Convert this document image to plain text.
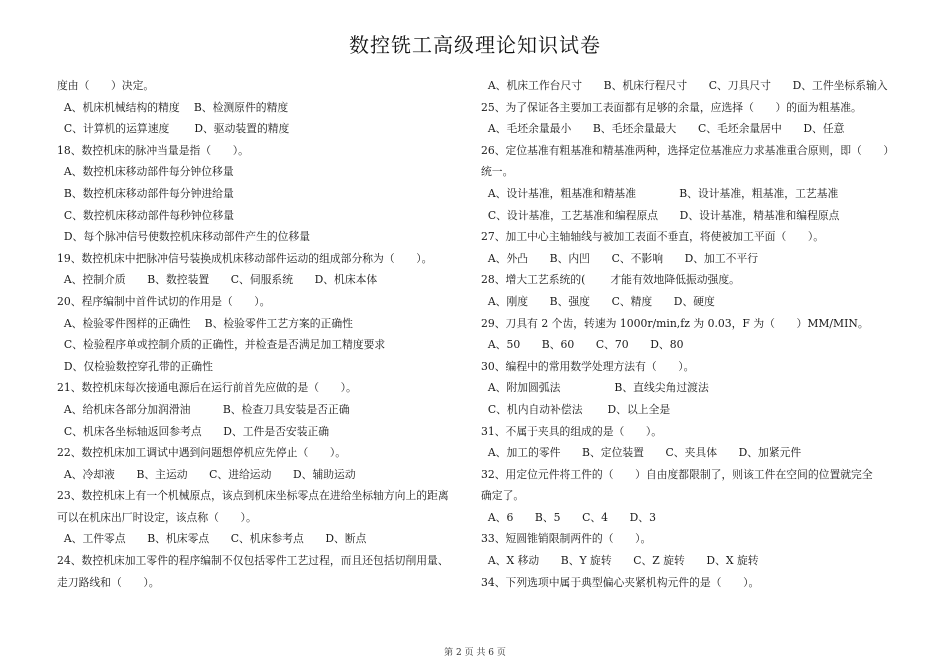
数控铣工高级理论知识试卷
度由（　　）决定。
A、机床机械结构的精度　 B、检测原件的精度
C、计算机的运算速度　　 D、驱动装置的精度
18、数控机床的脉冲当量是指（　　）。
A、数控机床移动部件每分钟位移量
B、数控机床移动部件每分钟进给量
C、数控机床移动部件每秒钟位移量
D、每个脉冲信号使数控机床移动部件产生的位移量
19、数控机床中把脉冲信号装换成机床移动部件运动的组成部分称为（　　）。
A、控制介质　　B、数控装置　　C、伺服系统　　D、机床本体
20、程序编制中首件试切的作用是（　　）。
A、检验零件图样的正确性　 B、检验零件工艺方案的正确性
C、检验程序单或控制介质的正确性，并检查是否满足加工精度要求
D、仅检验数控穿孔带的正确性
21、数控机床每次接通电源后在运行前首先应做的是（　　）。
A、给机床各部分加润滑油　　　B、检查刀具安装是否正确
C、机床各坐标轴返回参考点　　D、工件是否安装正确
22、数控机床加工调试中遇到问题想停机应先停止（　　）。
A、冷却液　　B、主运动　　C、进给运动　　D、辅助运动
23、数控机床上有一个机械原点，该点到机床坐标零点在进给坐标轴方向上的距离
可以在机床出厂时设定，该点称（　　）。
A、工件零点　　B、机床零点　　C、机床参考点　　D、断点
24、数控机床加工零件的程序编制不仅包括零件工艺过程，而且还包括切削用量、
走刀路线和（　　）。
A、机床工作台尺寸　　B、机床行程尺寸　　C、刀具尺寸　　D、工件坐标系输入
25、为了保证各主要加工表面都有足够的余量，应选择（　　）的面为粗基准。
A、毛坯余量最小　　B、毛坯余量最大　　C、毛坯余量居中　　D、任意
26、定位基准有粗基准和精基准两种，选择定位基准应力求基准重合原则，即（　　）
统一。
A、设计基准，粗基准和精基准　　　　B、设计基准，粗基准，工艺基准
C、设计基准，工艺基准和编程原点　　D、设计基准，精基准和编程原点
27、加工中心主轴轴线与被加工表面不垂直，将使被加工平面（　　）。
A、外凸　　B、内凹　　C、不影响　　D、加工不平行
28、增大工艺系统的(　　 才能有效地降低振动强度。
A、刚度　　B、强度　　C、精度　　D、硬度
29、刀具有 2 个齿，转速为 1000r/min,fz 为 0.03，F 为（　　）MM/MIN。
A、50　　B、60　　C、70　　D、80
30、编程中的常用数学处理方法有（　　）。
A、附加圆弧法　　　　　B、直线尖角过渡法
C、机内自动补偿法　　 D、以上全是
31、不属于夹具的组成的是（　　）。
A、加工的零件　　B、定位装置　　C、夹具体　　D、加紧元件
32、用定位元件将工件的（　　）自由度都限制了，则该工件在空间的位置就完全
确定了。
A、6　　B、5　　C、4　　D、3
33、短圆锥销限制两件的（　　）。
A、X 移动　　B、Y 旋转　　C、Z 旋转　　D、X 旋转
34、下列选项中属于典型偏心夹紧机构元件的是（　　）。
第 2 页 共 6 页
